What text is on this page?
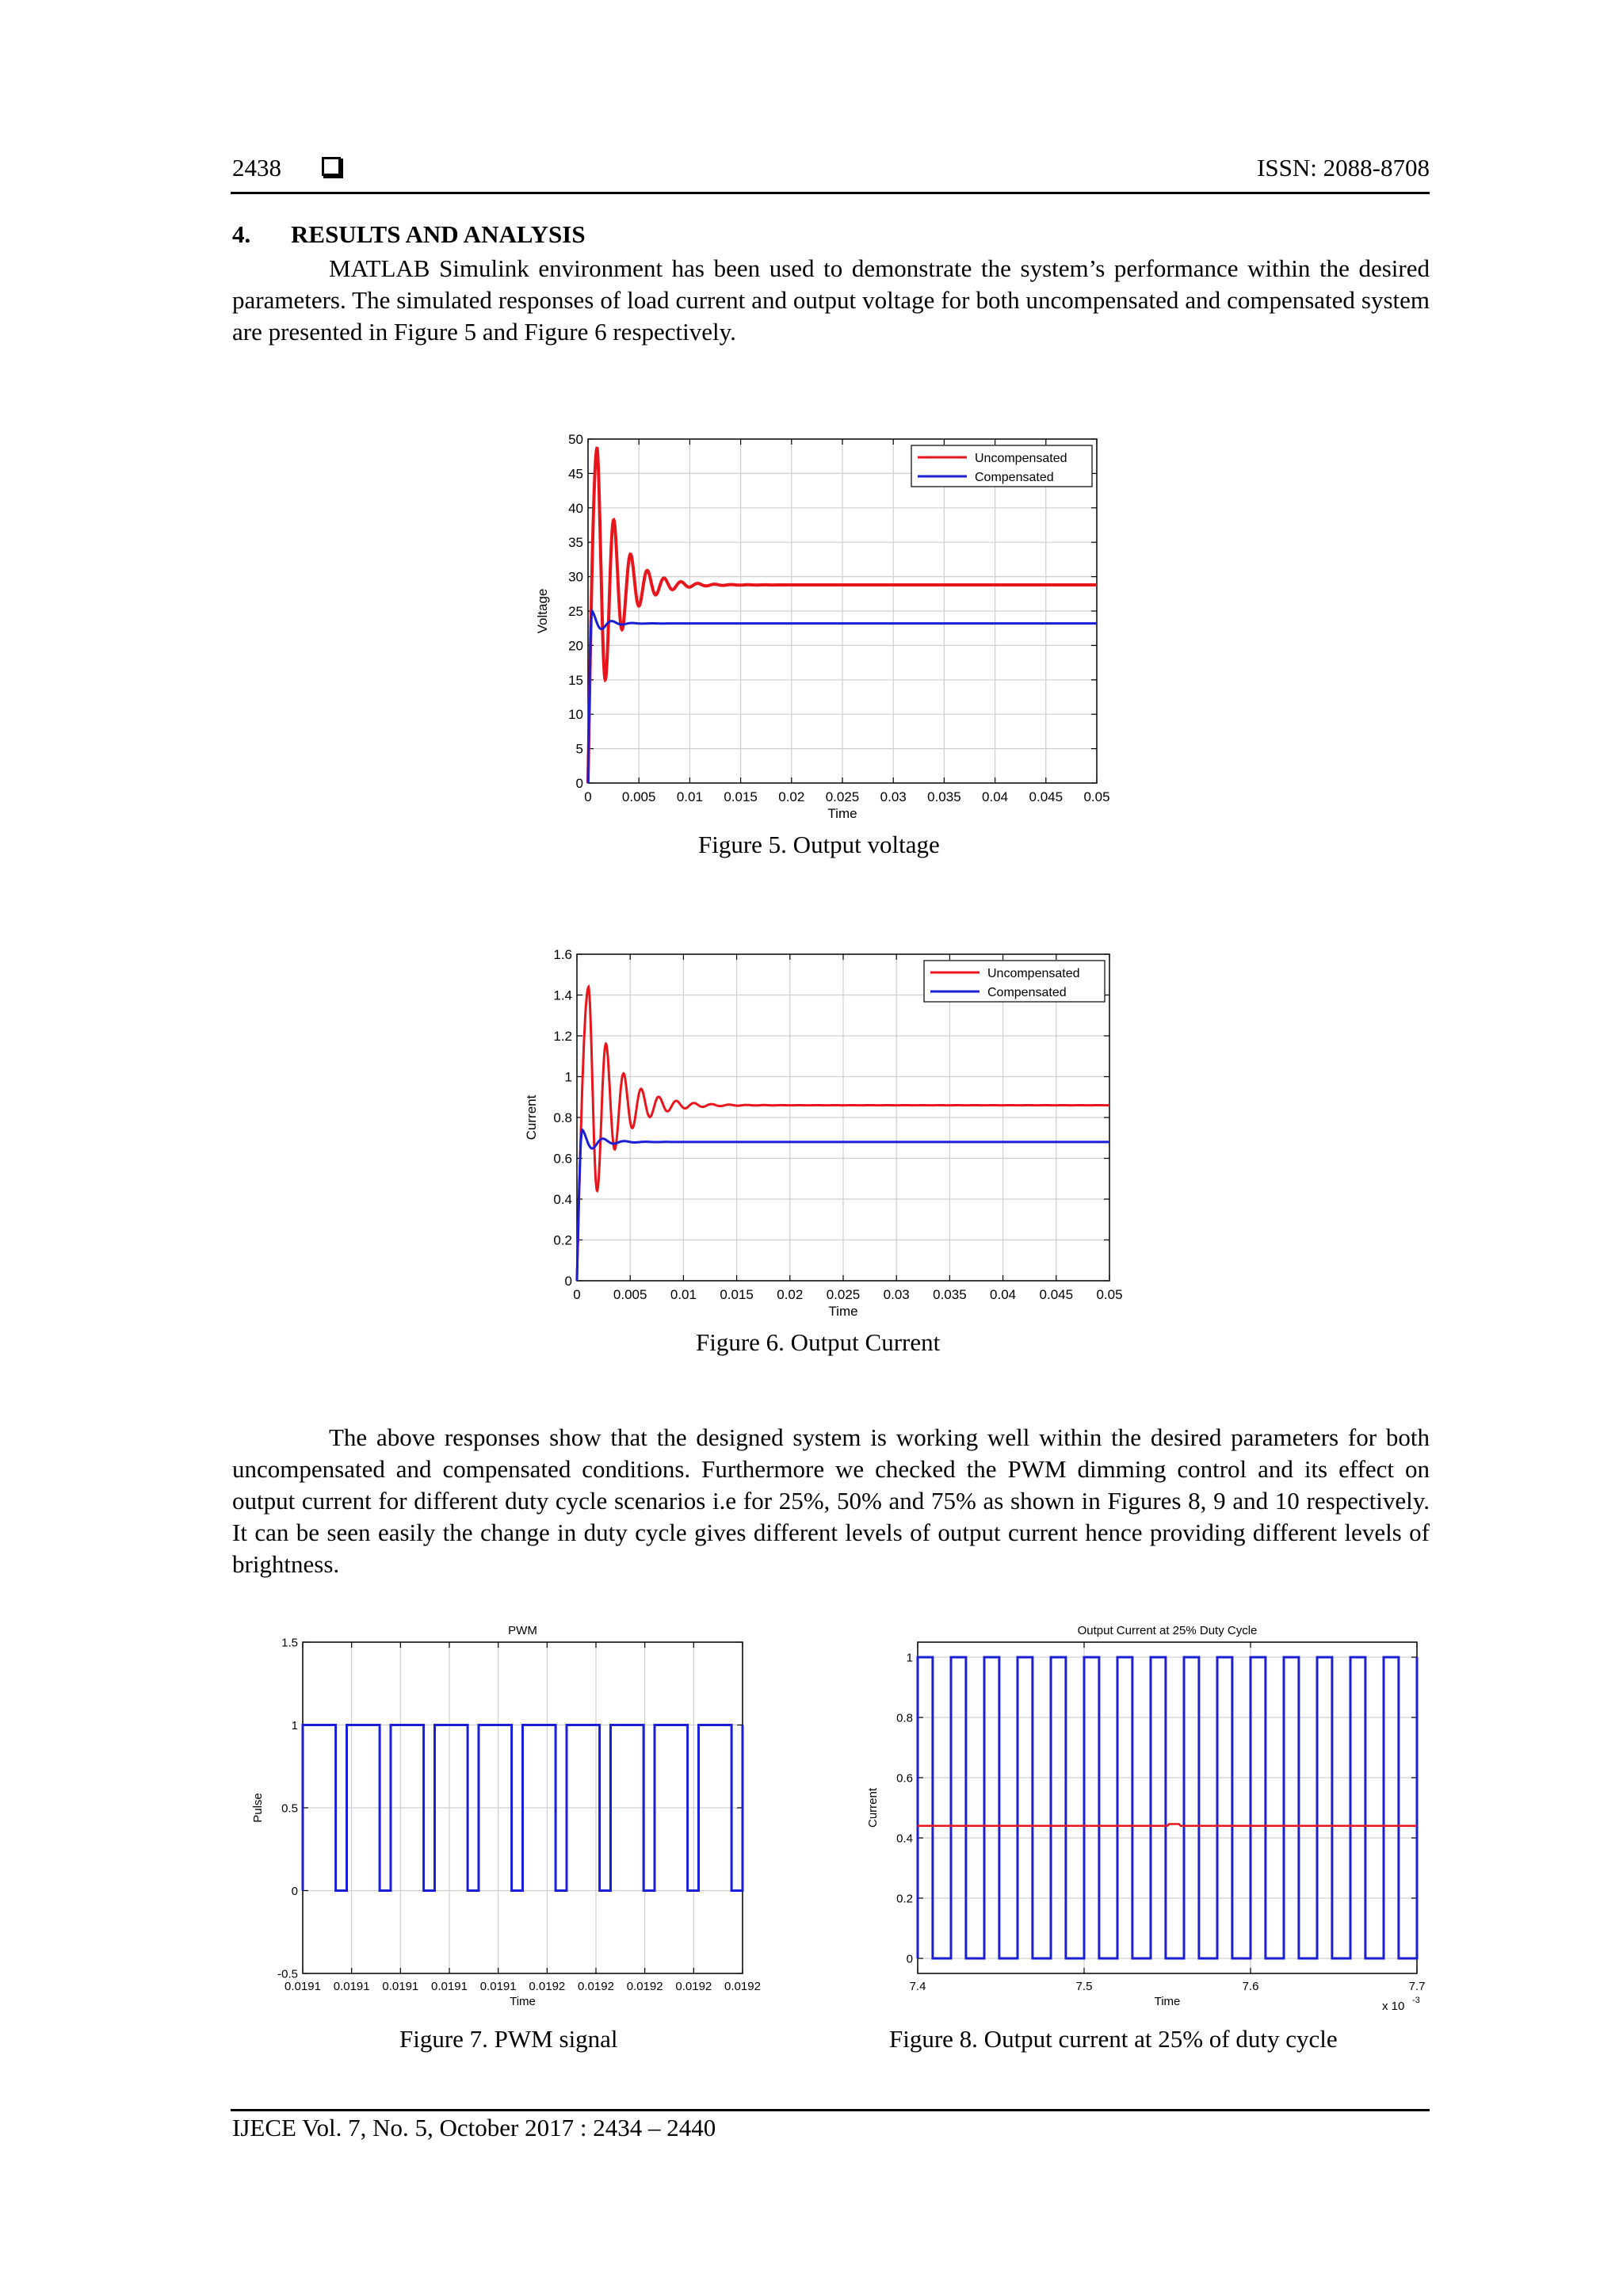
2438	ISSN: 2088-8708
4. RESULTS AND ANALYSIS
MATLAB Simulink environment has been used to demonstrate the system’s performance within the desired parameters. The simulated responses of load current and output voltage for both uncompensated and compensated system are presented in Figure 5 and Figure 6 respectively.
0 0.005 0.01 0.015 0.02 0.025 0.03 0.035 0.04 0.045 0.05
0
5
10
15
20
25
30
35
40
45
50
Time
Voltage
Uncompensated
Compensated
Figure 5. Output voltage
0 0.005 0.01 0.015 0.02 0.025 0.03 0.035 0.04 0.045 0.05
0
0.2
0.4
0.6
0.8
1
1.2
1.4
1.6
Time
Current
Uncompensated
Compensated
Figure 6. Output Current
The above responses show that the designed system is working well within the desired parameters for both uncompensated and compensated conditions. Furthermore we checked the PWM dimming control and its effect on output current for different duty cycle scenarios i.e for 25%, 50% and 75% as shown in Figures 8, 9 and 10 respectively. It can be seen easily the change in duty cycle gives different levels of output current hence providing different levels of brightness.
0.0191 0.0191 0.0191 0.0191 0.0191 0.0192 0.0192 0.0192 0.0192 0.0192
-0.5
0
0.5
1
1.5
Time
Pulse
PWM
Figure 7. PWM signal
7.4	7.5	7.6	7.7
0
0.2
0.4
0.6
0.8
1
Time
Current
Output Current at 25% Duty Cycle
x 10 -3
Figure 8. Output current at 25% of duty cycle
IJECE Vol. 7, No. 5, October 2017 : 2434 – 2440
